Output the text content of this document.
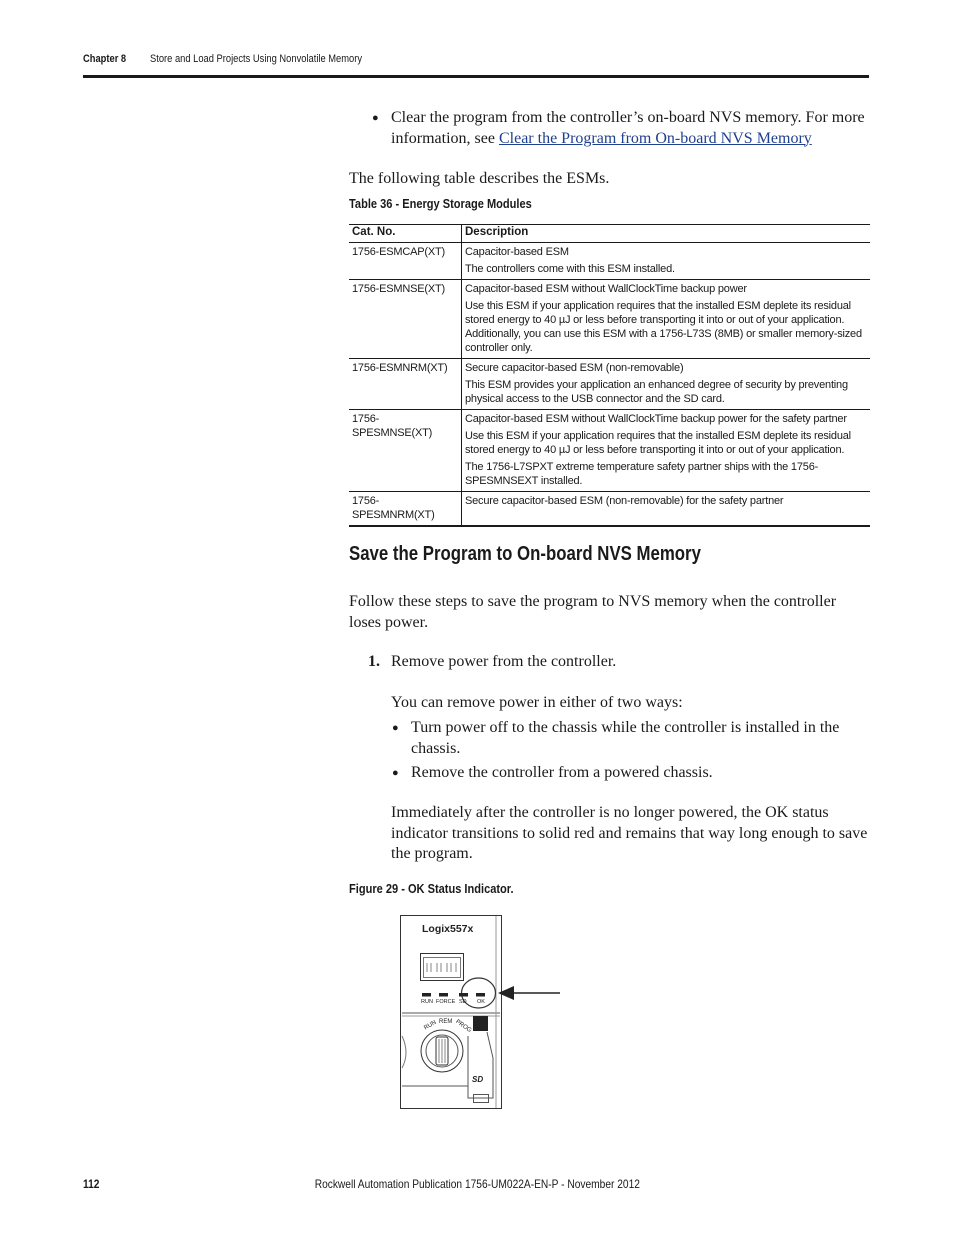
Chapter 8 Store and Load Projects Using Nonvolatile Memory
● Clear the program from the controller’s on-board NVS memory. For more information, see Clear the Program from On-board NVS Memory
The following table describes the ESMs.
Table 36 - Energy Storage Modules
Cat. No.	Description
1756-ESMCAP(XT)	Capacitor-based ESM

The controllers come with this ESM installed.

1756-ESMNSE(XT)	Capacitor-based ESM without WallClockTime backup power

Use this ESM if your application requires that the installed ESM deplete its residual stored energy to 40 µJ or less before transporting it into or out of your application. Additionally, you can use this ESM with a 1756-L73S (8MB) or smaller memory-sized controller only.

1756-ESMNRM(XT)	Secure capacitor-based ESM (non-removable)

This ESM provides your application an enhanced degree of security by preventing physical access to the USB connector and the SD card.

1756-SPESMNSE(XT)	Capacitor-based ESM without WallClockTime backup power for the safety partner

Use this ESM if your application requires that the installed ESM deplete its residual stored energy to 40 µJ or less before transporting it into or out of your application.

The 1756-L7SPXT extreme temperature safety partner ships with the 1756-SPESMNSEXT installed.

1756-SPESMNRM(XT)	Secure capacitor-based ESM (non-removable) for the safety partner

Save the Program to On-board NVS Memory
Follow these steps to save the program to NVS memory when the controller loses power.
1. Remove power from the controller.
You can remove power in either of two ways:
● Turn power off to the chassis while the controller is installed in the chassis.
● Remove the controller from a powered chassis.
Immediately after the controller is no longer powered, the OK status indicator transitions to solid red and remains that way long enough to save the program.
Figure 29 - OK Status Indicator.
Logix557x
RUN FORCE SD OK
RUN REM PROG
SD
112	Rockwell Automation Publication 1756-UM022A-EN-P - November 2012
